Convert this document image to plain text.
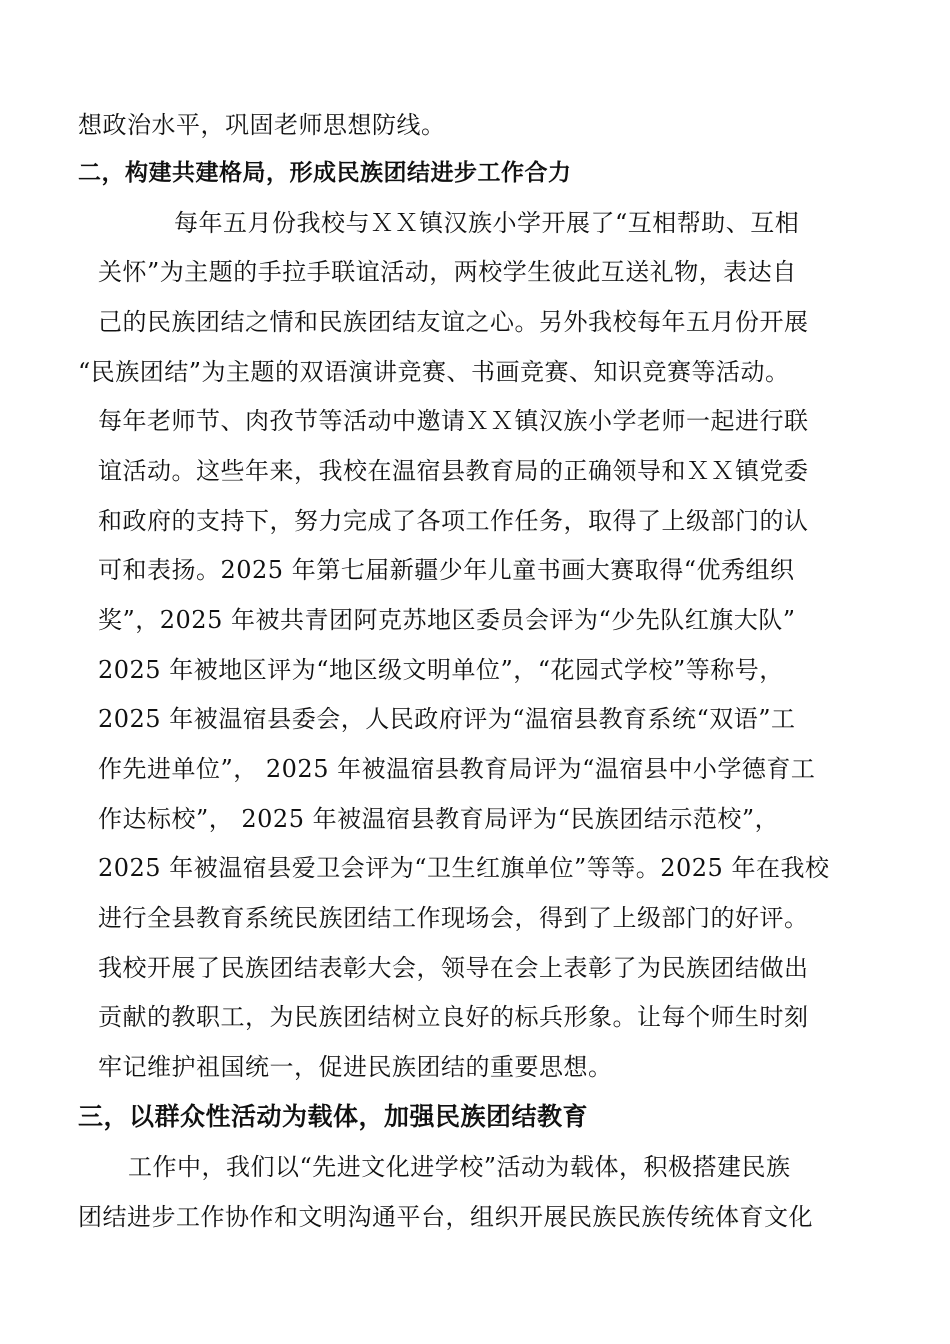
想政治水平，巩固老师思想防线。
二，构建共建格局，形成民族团结进步工作合力
每年五月份我校与ＸＸ镇汉族小学开展了“互相帮助、互相
关怀”为主题的手拉手联谊活动，两校学生彼此互送礼物，表达自
己的民族团结之情和民族团结友谊之心。另外我校每年五月份开展
“民族团结”为主题的双语演讲竞赛、书画竞赛、知识竞赛等活动。
每年老师节、肉孜节等活动中邀请ＸＸ镇汉族小学老师一起进行联
谊活动。这些年来，我校在温宿县教育局的正确领导和ＸＸ镇党委
和政府的支持下，努力完成了各项工作任务，取得了上级部门的认
可和表扬。2025 年第七届新疆少年儿童书画大赛取得“优秀组织
奖”，2025 年被共青团阿克苏地区委员会评为“少先队红旗大队”
2025 年被地区评为“地区级文明单位”，“花园式学校”等称号，
2025 年被温宿县委会，人民政府评为“温宿县教育系统“双语”工
作先进单位”， 2025 年被温宿县教育局评为“温宿县中小学德育工
作达标校”， 2025 年被温宿县教育局评为“民族团结示范校”，
2025 年被温宿县爱卫会评为“卫生红旗单位”等等。2025 年在我校
进行全县教育系统民族团结工作现场会，得到了上级部门的好评。
我校开展了民族团结表彰大会，领导在会上表彰了为民族团结做出
贡献的教职工，为民族团结树立良好的标兵形象。让每个师生时刻
牢记维护祖国统一，促进民族团结的重要思想。
三，以群众性活动为载体，加强民族团结教育
工作中，我们以“先进文化进学校”活动为载体，积极搭建民族
团结进步工作协作和文明沟通平台，组织开展民族民族传统体育文化
